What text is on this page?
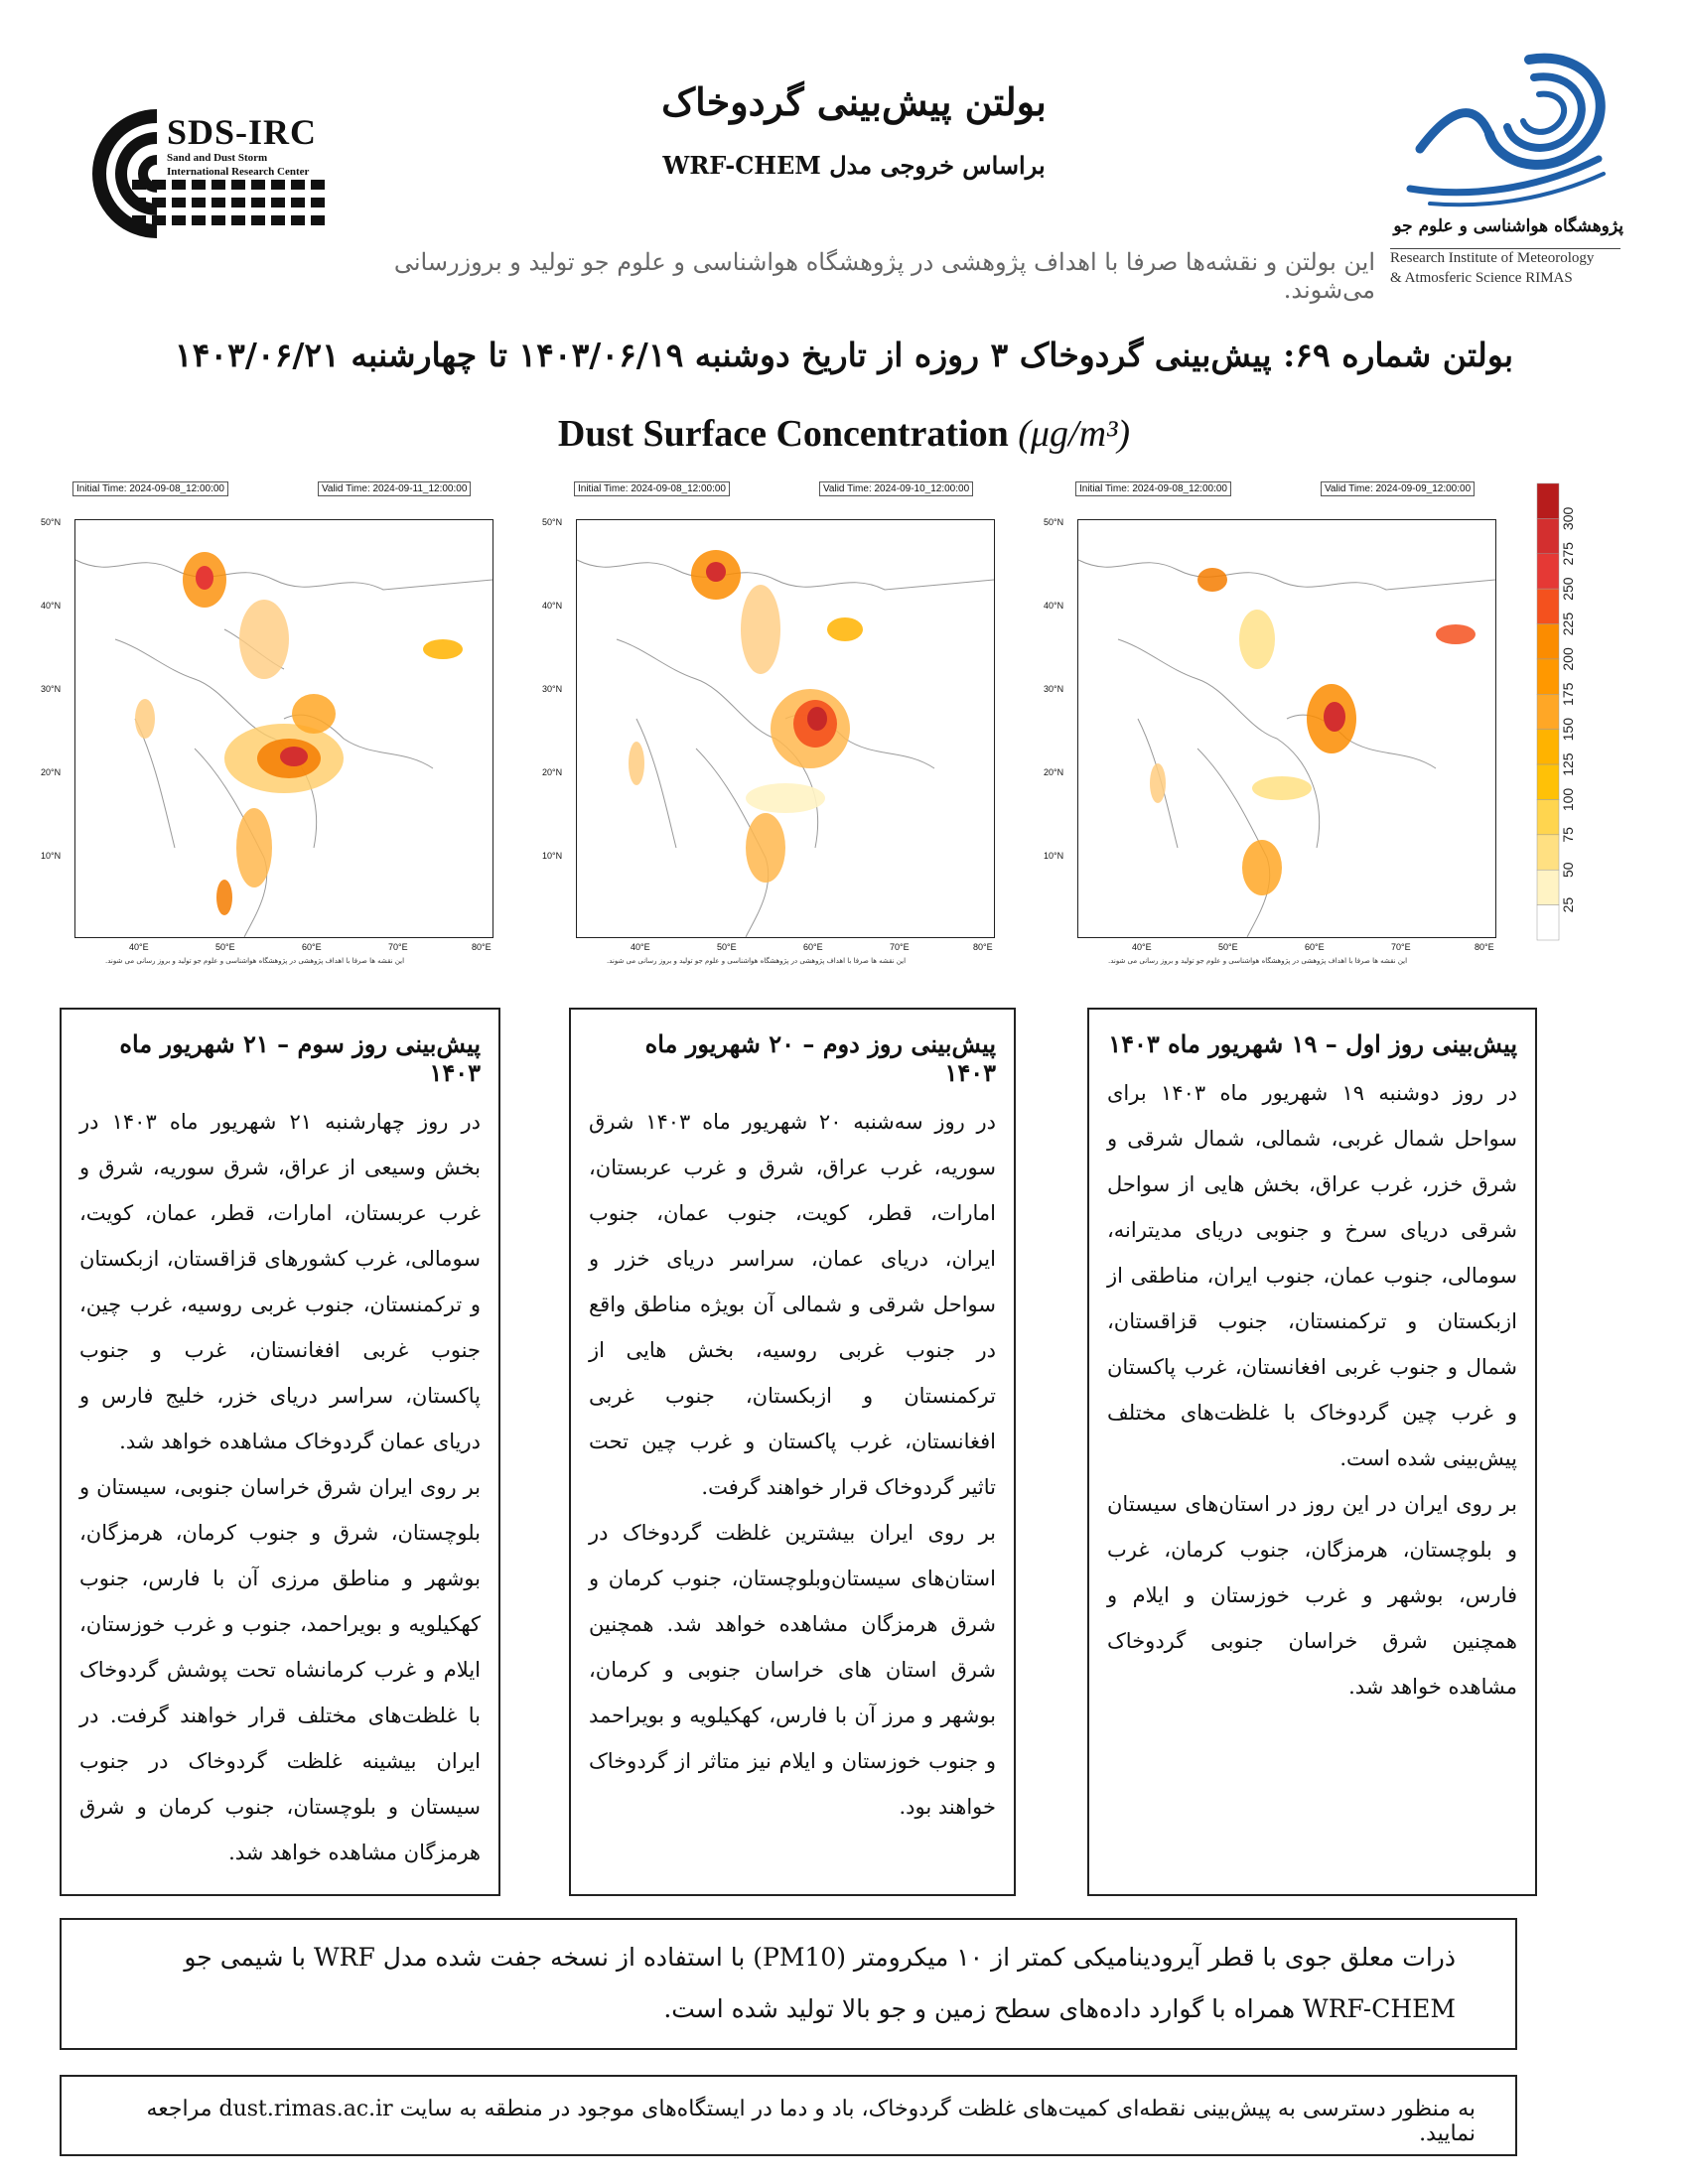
SDS-IRC
Sand and Dust Storm
International Research Center
بولتن پیش‌بینی گردوخاک
براساس خروجی مدل WRF-CHEM
این بولتن و نقشه‌ها صرفا با اهداف پژوهشی در پژوهشگاه هواشناسی و علوم جو تولید و بروزرسانی می‌شوند.
پژوهشگاه هواشناسی و علوم جو
Research Institute of Meteorology
& Atmosferic Science RIMAS
بولتن شماره ۶۹: پیش‌بینی گردوخاک ۳ روزه از تاریخ دوشنبه ۱۴۰۳/۰۶/۱۹ تا چهارشنبه ۱۴۰۳/۰۶/۲۱
Dust Surface Concentration (μg/m³)
Initial Time: 2024-09-08_12:00:00	Valid Time: 2024-09-11_12:00:00
این نقشه ها صرفا با اهداف پژوهشی در پژوهشگاه هواشناسی و علوم جو تولید و بروز رسانی می شوند.
50°N
40°N
30°N
20°N
10°N
40°E	50°E	60°E	70°E	80°E
Initial Time: 2024-09-08_12:00:00	Valid Time: 2024-09-10_12:00:00
این نقشه ها صرفا با اهداف پژوهشی در پژوهشگاه هواشناسی و علوم جو تولید و بروز رسانی می شوند.
50°N
40°N
30°N
20°N
10°N
40°E	50°E	60°E	70°E	80°E
Initial Time: 2024-09-08_12:00:00	Valid Time: 2024-09-09_12:00:00
این نقشه ها صرفا با اهداف پژوهشی در پژوهشگاه هواشناسی و علوم جو تولید و بروز رسانی می شوند.
50°N
40°N
30°N
20°N
10°N
40°E	50°E	60°E	70°E	80°E
300
275
250
225
200
175
150
125
100
75
50
25
پیش‌بینی روز سوم – ۲۱ شهریور ماه ۱۴۰۳

در روز چهارشنبه ۲۱ شهریور ماه ۱۴۰۳ در بخش وسیعی از عراق، شرق سوریه، شرق و غرب عربستان، امارات، قطر، عمان، کویت، سومالی، غرب کشورهای قزاقستان، ازبکستان و ترکمنستان، جنوب غربی روسیه، غرب چین، جنوب غربی افغانستان، غرب و جنوب پاکستان، سراسر دریای خزر، خلیج فارس و دریای عمان گردوخاک مشاهده خواهد شد.

بر روی ایران شرق خراسان جنوبی، سیستان و بلوچستان، شرق و جنوب کرمان، هرمزگان، بوشهر و مناطق مرزی آن با فارس، جنوب کهکیلویه و بویراحمد، جنوب و غرب خوزستان، ایلام و غرب کرمانشاه تحت پوشش گردوخاک با غلظت‌های مختلف قرار خواهند گرفت. در ایران بیشینه غلظت گردوخاک در جنوب سیستان و بلوچستان، جنوب کرمان و شرق هرمزگان مشاهده خواهد شد.

پیش‌بینی روز دوم – ۲۰ شهریور ماه ۱۴۰۳

در روز سه‌شنبه ۲۰ شهریور ماه ۱۴۰۳ شرق سوریه، غرب عراق، شرق و غرب عربستان، امارات، قطر، کویت، جنوب عمان، جنوب ایران، دریای عمان، سراسر دریای خزر و سواحل شرقی و شمالی آن بویژه مناطق واقع در جنوب غربی روسیه، بخش هایی از ترکمنستان و ازبکستان، جنوب غربی افغانستان، غرب پاکستان و غرب چین تحت تاثیر گردوخاک قرار خواهند گرفت.

بر روی ایران بیشترین غلظت گردوخاک در استان‌های سیستان‌وبلوچستان، جنوب کرمان و شرق هرمزگان مشاهده خواهد شد. همچنین شرق استان های خراسان جنوبی و کرمان، بوشهر و مرز آن با فارس، کهکیلویه و بویراحمد و جنوب خوزستان و ایلام نیز متاثر از گردوخاک خواهند بود.

پیش‌بینی روز اول – ۱۹ شهریور ماه ۱۴۰۳

در روز دوشنبه ۱۹ شهریور ماه ۱۴۰۳ برای سواحل شمال غربی، شمالی، شمال شرقی و شرق خزر، غرب عراق، بخش هایی از سواحل شرقی دریای سرخ و جنوبی دریای مدیترانه، سومالی، جنوب عمان، جنوب ایران، مناطقی از ازبکستان و ترکمنستان، جنوب قزاقستان، شمال و جنوب غربی افغانستان، غرب پاکستان و غرب چین گردوخاک با غلظت‌های مختلف پیش‌بینی شده است.

بر روی ایران در این روز در استان‌های سیستان و بلوچستان، هرمزگان، جنوب کرمان، غرب فارس، بوشهر و غرب خوزستان و ایلام و همچنین شرق خراسان جنوبی گردوخاک مشاهده خواهد شد.

ذرات معلق جوی با قطر آیرودینامیکی کمتر از ۱۰ میکرومتر (PM10) با استفاده از نسخه جفت شده مدل WRF با شیمی جو
WRF-CHEM همراه با گوارد داده‌های سطح زمین و جو بالا تولید شده است.
به منظور دسترسی به پیش‌بینی نقطه‌ای کمیت‌های غلظت گردوخاک، باد و دما در ایستگاه‌های موجود در منطقه به سایت dust.rimas.ac.ir مراجعه نمایید.
